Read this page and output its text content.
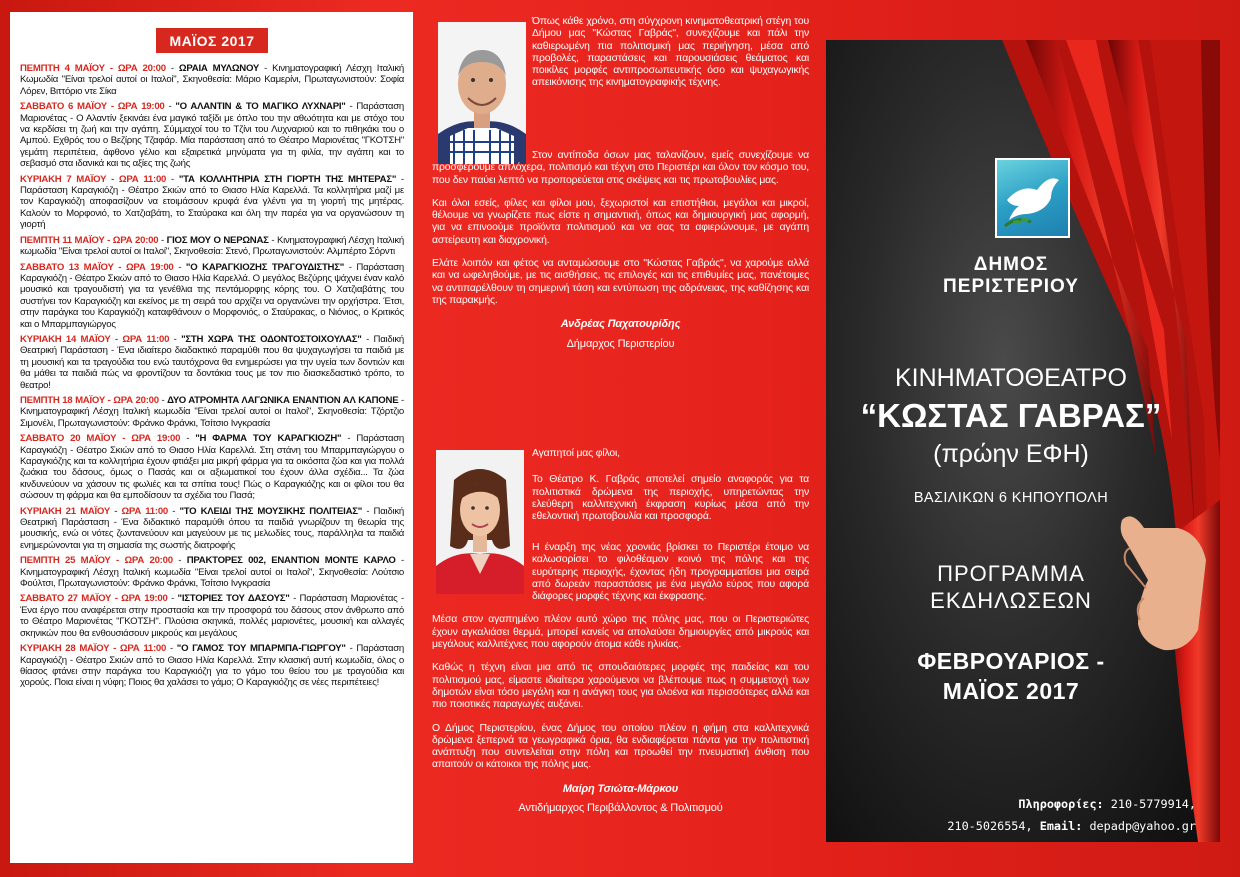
ΜΑΪΟΣ 2017

ΠΕΜΠΤΗ 4 ΜΑΪΟΥ - ΩΡΑ 20:00 - ΩΡΑΙΑ ΜΥΛΩΝΟΥ - Κινηματογραφική Λέσχη Ιταλική Κωμωδία "Είναι τρελοί αυτοί οι Ιταλοί", Σκηνοθεσία: Μάριο Καμερίνι, Πρωταγωνιστούν: Σοφία Λόρεν, Βιττόριο ντε Σίκα

ΣΑΒΒΑΤΟ 6 ΜΑΪΟΥ - ΩΡΑ 19:00 - "Ο ΑΛΑΝΤΙΝ & ΤΟ ΜΑΓΙΚΟ ΛΥΧΝΑΡΙ" - Παράσταση Μαριονέτας - Ο Αλαντίν ξεκινάει ένα μαγικό ταξίδι με όπλο του την αθωότητα και με στόχο του να κερδίσει τη ζωή και την αγάπη. Σύμμαχοί του το Τζίνι του Λυχναριού και το πιθηκάκι του ο Αμπού. Εχθρός του ο Βεζίρης Τζαφάρ. Μία παράσταση από το Θέατρο Μαριονέτας "ΓΚΟΤΣΗ" γεμάτη περιπέτεια, άφθονο γέλιο και εξαιρετικά μηνύματα για τη φιλία, την αγάπη και το σεβασμό στα ιδανικά και τις αξίες της ζωής

ΚΥΡΙΑΚΗ 7 ΜΑΪΟΥ - ΩΡΑ 11:00 - "ΤΑ ΚΟΛΛΗΤΗΡΙΑ ΣΤΗ ΓΙΟΡΤΗ ΤΗΣ ΜΗΤΕΡΑΣ" - Παράσταση Καραγκιόζη - Θέατρο Σκιών από το Θιασο Ηλία Καρελλά. Τα κολλητήρια μαζί με τον Καραγκιόζη αποφασίζουν να ετοιμάσουν κρυφά ένα γλέντι για τη γιορτή της μητέρας. Καλούν το Μορφονιό, το Χατζιαβάτη, το Σταύρακα και όλη την παρέα για να οργανώσουν τη γιορτή

ΠΕΜΠΤΗ 11 ΜΑΪΟΥ - ΩΡΑ 20:00 - ΓΙΟΣ ΜΟΥ Ο ΝΕΡΩΝΑΣ - Κινηματογραφική Λέσχη Ιταλική κωμωδία "Είναι τρελοί αυτοί οι Ιταλοί", Σκηνοθεσία: Στενό, Πρωταγωνιστούν: Αλμπέρτο Σόρντι

ΣΑΒΒΑΤΟ 13 ΜΑΪΟΥ - ΩΡΑ 19:00 - "Ο ΚΑΡΑΓΚΙΟΖΗΣ ΤΡΑΓΟΥΔΙΣΤΗΣ" - Παράσταση Καραγκιόζη - Θέατρο Σκιών από το Θιασο Ηλία Καρελλά. Ο μεγάλος Βεζύρης ψάχνει έναν καλό μουσικό και τραγουδιστή για τα γενέθλια της πεντάμορφης κόρης του. Ο Χατζιαβάτης του συστήνει τον Καραγκιόζη και εκείνος με τη σειρά του αρχίζει να οργανώνει την ορχήστρα. Έτσι, στην παράγκα του Καραγκιόζη καταφθάνουν ο Μορφονιός, ο Σταύρακας, ο Νιόνιος, ο Κριτικός και ο Μπαρμπαγιώργος

ΚΥΡΙΑΚΗ 14 ΜΑΪΟΥ - ΩΡΑ 11:00 - "ΣΤΗ ΧΩΡΑ ΤΗΣ ΟΔΟΝΤΟΣΤΟΙΧΟΥΛΑΣ" - Παιδική Θεατρική Παράσταση - Ένα ιδιαίτερο διαδακτικό παραμύθι που θα ψυχαγωγήσει τα παιδιά με τη μουσική και τα τραγούδια του ενώ ταυτόχρονα θα ενημερώσει για την υγεία των δοντιών και θα μάθει τα παιδιά πώς να φροντίζουν τα δοντάκια τους με τον πιο διασκεδαστικό τρόπο, το θεατρο!

ΠΕΜΠΤΗ 18 ΜΑΪΟΥ - ΩΡΑ 20:00 - ΔΥΟ ΑΤΡΟΜΗΤΑ ΛΑΓΩΝΙΚΑ ΕΝΑΝΤΙΟΝ ΑΛ ΚΑΠΟΝΕ - Κινηματογραφική Λέσχη Ιταλική κωμωδία "Είναι τρελοί αυτοί οι Ιταλοί", Σκηνοθεσία: Τζόρτζιο Σιμονέλι, Πρωταγωνιστούν: Φράνκο Φράνκι, Τσίτσιο Ινγκρασία

ΣΑΒΒΑΤΟ 20 ΜΑΪΟΥ - ΩΡΑ 19:00 - "Η ΦΑΡΜΑ ΤΟΥ ΚΑΡΑΓΚΙΟΖΗ" - Παράσταση Καραγκιόζη - Θέατρο Σκιών από το Θιασο Ηλία Καρελλά. Στη στάνη του Μπαρμπαγιώργου ο Καραγκιόζης και τα κολλητήρια έχουν φτιάξει μια μικρή φάρμα για τα οικόσιτα ζώα και για πολλά ζωάκια του δάσους, όμως ο Πασάς και οι αξιωματικοί του έχουν άλλα σχέδια... Τα ζώα κινδυνεύουν να χάσουν τις φωλιές και τα σπίτια τους! Πώς ο Καραγκιόζης και οι φίλοι του θα σώσουν τη φάρμα και θα εμποδίσουν τα σχέδια του Πασά;

ΚΥΡΙΑΚΗ 21 ΜΑΪΟΥ - ΩΡΑ 11:00 - "ΤΟ ΚΛΕΙΔΙ ΤΗΣ ΜΟΥΣΙΚΗΣ ΠΟΛΙΤΕΙΑΣ" - Παιδική Θεατρική Παράσταση - Ένα διδακτικό παραμύθι όπου τα παιδιά γνωρίζουν τη θεωρία της μουσικής, ενώ οι νότες ζωντανεύουν και μαγεύουν με τις μελωδίες τους, παράλληλα τα παιδιά ενημερώνονται για τη σημασία της σωστής διατροφής

ΠΕΜΠΤΗ 25 ΜΑΪΟΥ - ΩΡΑ 20:00 - ΠΡΑΚΤΟΡΕΣ 002, ΕΝΑΝΤΙΟΝ ΜΟΝΤΕ ΚΑΡΛΟ - Κινηματογραφική Λέσχη Ιταλική κωμωδία "Είναι τρελοί αυτοί οι Ιταλοί", Σκηνοθεσία: Λούτσιο Φούλτσι, Πρωταγωνιστούν: Φράνκο Φράνκι, Τσίτσιο Ινγκρασία

ΣΑΒΒΑΤΟ 27 ΜΑΪΟΥ - ΩΡΑ 19:00 - "ΙΣΤΟΡΙΕΣ ΤΟΥ ΔΑΣΟΥΣ" - Παράσταση Μαριονέτας - Ένα έργο που αναφέρεται στην προστασία και την προσφορά του δάσους στον άνθρωπο από το Θέατρο Μαριονέτας "ΓΚΟΤΣΗ". Πλούσια σκηνικά, πολλές μαριονέτες, μουσική και αλλαγές σκηνικών που θα ενθουσιάσουν μικρούς και μεγάλους

ΚΥΡΙΑΚΗ 28 ΜΑΪΟΥ - ΩΡΑ 11:00 - "Ο ΓΑΜΟΣ ΤΟΥ ΜΠΑΡΜΠΑ-ΓΙΩΡΓΟΥ" - Παράσταση Καραγκιόζη - Θέατρο Σκιών από το Θιασο Ηλία Καρελλά. Στην κλασική αυτή κωμωδία, όλος ο θίασος φτάνει στην παράγκα του Καραγκιόζη για το γάμο του θείου του με τραγούδια και χορούς. Ποια είναι η νύφη; Ποιος θα χαλάσει το γάμο; Ο Καραγκιόζης σε νέες περιπέτειες!

Όπως κάθε χρόνο, στη σύγχρονη κινηματοθεατρική στέγη του Δήμου μας "Κώστας Γαβράς", συνεχίζουμε και πάλι την καθιερωμένη πια πολιτισμική μας περιήγηση, μέσα από προβολές, παραστάσεις και παρουσιάσεις θεάματος και ποικίλες μορφές αντιπροσωπευτικής όσο και ψυχαγωγικής απεικόνισης της κινηματογραφικής τέχνης.

Στον αντίποδα όσων μας ταλανίζουν, εμείς συνεχίζουμε να προσφέρουμε απλόχερα, πολιτισμό και τέχνη στο Περιστέρι και όλον τον κόσμο του, που δεν παύει λεπτό να προπορεύεται στις σκέψεις και τις πρωτοβουλίες μας.

Και όλοι εσείς, φίλες και φίλοι μου, ξεχωριστοί και επιστήθιοι, μεγάλοι και μικροί, θέλουμε να γνωρίζετε πως είστε η σημαντική, όπως και δημιουργική μας αφορμή, για να επινοούμε προϊόντα πολιτισμού και να σας τα αφιερώνουμε, με αγάπη αστείρευτη και διαχρονική.

Ελάτε λοιπόν και φέτος να ανταμώσουμε στο "Κώστας Γαβράς", να χαρούμε αλλά και να ωφεληθούμε, με τις αισθήσεις, τις επιλογές και τις επιθυμίες μας, πανέτοιμες να αντιπαρέλθουν τη σημερινή τάση και εντύπωση της αδράνειας, της καθίζησης και της παρακμής.

Ανδρέας Παχατουρίδης
Δήμαρχος Περιστερίου

Αγαπητοί μας φίλοι,

Το Θέατρο Κ. Γαβράς αποτελεί σημείο αναφοράς για τα πολιτιστικά δρώμενα της περιοχής, υπηρετώντας την ελεύθερη καλλιτεχνική έκφραση κυρίως μέσα από την εθελοντική πρωτοβουλία και προσφορά.

Η έναρξη της νέας χρονιάς βρίσκει το Περιστέρι έτοιμο να καλωσορίσει το φιλοθέαμον κοινό της πόλης και της ευρύτερης περιοχής, έχοντας ήδη προγραμματίσει μια σειρά από δωρεάν παραστάσεις με ένα μεγάλο εύρος που αφορά διάφορες μορφές τέχνης και έκφρασης.

Μέσα στον αγαπημένο πλέον αυτό χώρο της πόλης μας, που οι Περιστεριώτες έχουν αγκαλιάσει θερμά, μπορεί κανείς να απολαύσει δημιουργίες από μικρούς και μεγάλους καλλιτέχνες που αφορούν άτομα κάθε ηλικίας.

Καθώς η τέχνη είναι μια από τις σπουδαιότερες μορφές της παιδείας και του πολιτισμού μας, είμαστε ιδιαίτερα χαρούμενοι να βλέπουμε πως η συμμετοχή των δημοτών είναι τόσο μεγάλη και η ανάγκη τους για ολοένα και περισσότερες αλλά και πιο ποιοτικές παραγωγές αυξάνει.

Ο Δήμος Περιστερίου, ένας Δήμος του οποίου πλέον η φήμη στα καλλιτεχνικά δρώμενα ξεπερνά τα γεωγραφικά όρια, θα ενδιαφέρεται πάντα για την πολιτιστική ανάπτυξη που συντελείται στην πόλη και προωθεί την πνευματική άνθιση που απαιτούν οι κάτοικοι της πόλης μας.

Μαίρη Τσιώτα-Μάρκου
Αντιδήμαρχος Περιβάλλοντος & Πολιτισμού
ΔΗΜΟΣ
ΠΕΡΙΣΤΕΡΙΟΥ
ΚΙΝΗΜΑΤΟΘΕΑΤΡΟ
“ΚΩΣΤΑΣ ΓΑΒΡΑΣ”
(πρώην ΕΦΗ)
ΒΑΣΙΛΙΚΩΝ 6 ΚΗΠΟΥΠΟΛΗ
ΠΡΟΓΡΑΜΜΑ
ΕΚΔΗΛΩΣΕΩΝ
ΦΕΒΡΟΥΑΡΙΟΣ -
ΜΑΪΟΣ 2017
Πληροφορίες: 210-5779914,
210-5026554, Email: depadp@yahoo.gr
